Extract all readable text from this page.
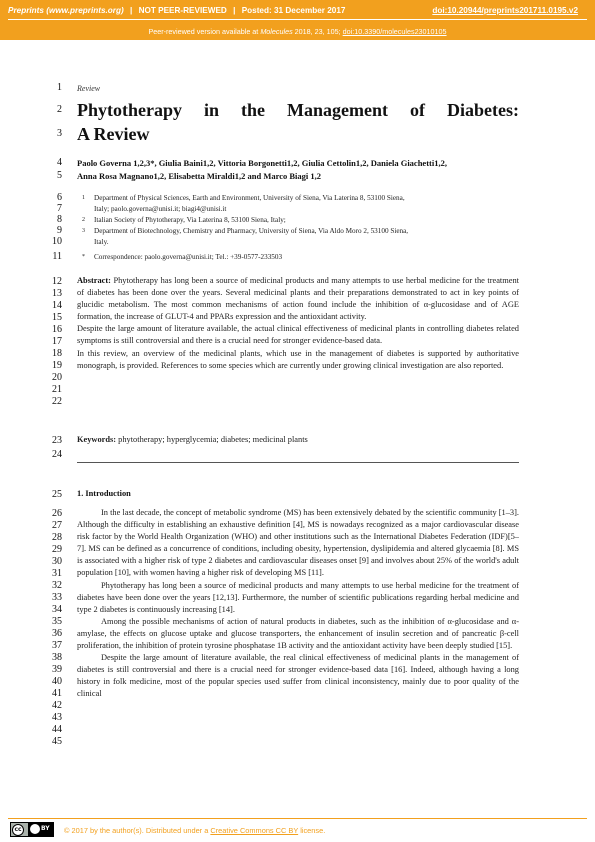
Preprints (www.preprints.org) | NOT PEER-REVIEWED | Posted: 31 December 2017	doi:10.20944/preprints201711.0195.v2
Peer-reviewed version available at Molecules 2018, 23, 105; doi:10.3390/molecules23010105
1
2
3
4
5
6
7
8
9
10
11
12
13
14
15
16
17
18
19
20
21
22
23
24
25
26
27
28
29
30
31
32
33
34
35
36
37
38
39
40
41
42
43
44
45
Review
Phytotherapy in the Management of Diabetes:
A Review
Paolo Governa 1,2,3*, Giulia Baini1,2, Vittoria Borgonetti1,2, Giulia Cettolin1,2, Daniela Giachetti1,2,
Anna Rosa Magnano1,2, Elisabetta Miraldi1,2 and Marco Biagi 1,2
1 Department of Physical Sciences, Earth and Environment, University of Siena, Via Laterina 8, 53100 Siena,
Italy; paolo.governa@unisi.it; biagi4@unisi.it
2 Italian Society of Phytotherapy, Via Laterina 8, 53100 Siena, Italy;
3 Department of Biotechnology, Chemistry and Pharmacy, University of Siena, Via Aldo Moro 2, 53100 Siena,
Italy.
* Correspondence: paolo.governa@unisi.it; Tel.: +39-0577-233503

Abstract: Phytotherapy has long been a source of medicinal products and many attempts to use herbal medicine for the treatment of diabetes has been done over the years. Several medicinal plants and their preparations demonstrated to act in key points of glucidic metabolism. The most common mechanisms of action found include the inhibition of α-glucosidase and of AGE formation, the increase of GLUT-4 and PPARs expression and the antioxidant activity.

Despite the large amount of literature available, the actual clinical effectiveness of medicinal plants in controlling diabetes related symptoms is still controversial and there is a crucial need for stronger evidence-based data.

In this review, an overview of the medicinal plants, which use in the management of diabetes is supported by authoritative monograph, is provided. References to some species which are currently under growing clinical investigation are also reported.

Keywords: phytotherapy; hyperglycemia; diabetes; medicinal plants
1. Introduction

In the last decade, the concept of metabolic syndrome (MS) has been extensively debated by the scientific community [1–3]. Although the difficulty in establishing an exhaustive definition [4], MS is nowadays recognized as a major cardiovascular disease risk factor by the World Health Organization (WHO) and other institutions such as the International Diabetes Federation (IDF)[5–7]. MS can be defined as a concurrence of conditions, including obesity, hypertension, dyslipidemia and altered glycaemia [8]. MS is associated with a higher risk of type 2 diabetes and cardiovascular diseases onset [9] and involves about 25% of the world's adult population [10], with women having a higher risk of developing MS [11].

Phytotherapy has long been a source of medicinal products and many attempts to use herbal medicine for the treatment of diabetes have been done over the years [12,13]. Furthermore, the number of scientific publications regarding herbal medicine and type 2 diabetes is continuously increasing [14].

Among the possible mechanisms of action of natural products in diabetes, such as the inhibition of α-glucosidase and α-amylase, the effects on glucose uptake and glucose transporters, the enhancement of insulin secretion and of pancreatic β-cell proliferation, the inhibition of protein tyrosine phosphatase 1B activity and the antioxidant activity have been deeply studied [15].

Despite the large amount of literature available, the real clinical effectiveness of medicinal plants in the management of diabetes is still controversial and there is a crucial need for stronger evidence-based data [16]. Indeed, although having a long history in folk medicine, most of the popular species used suffer from clinical inconsistency, mainly due to poor quality of the clinical

cc	BY © 2017 by the author(s). Distributed under a Creative Commons CC BY license.
